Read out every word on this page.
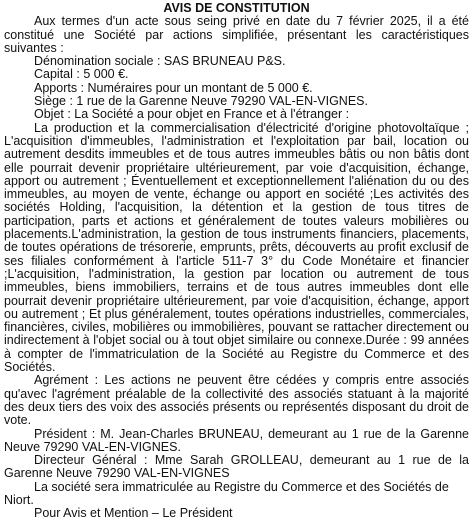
AVIS DE CONSTITUTION

Aux termes d'un acte sous seing privé en date du 7 février 2025, il a été constitué une Société par actions simplifiée, présentant les caractéristiques suivantes :

Dénomination sociale : SAS BRUNEAU P&S.

Capital : 5 000 €.

Apports : Numéraires pour un montant de 5 000 €.

Siège : 1 rue de la Garenne Neuve 79290 VAL-EN-VIGNES.

Objet : La Société a pour objet en France et à l'étranger :

La production et la commercialisation d'électricité d'origine photovoltaïque ; L'acquisition d'immeubles, l'administration et l'exploitation par bail, location ou autrement desdits immeubles et de tous autres immeubles bâtis ou non bâtis dont elle pourrait devenir propriétaire ultérieurement, par voie d'acquisition, échange, apport ou autrement ; Éventuellement et exceptionnellement l'aliénation du ou des immeubles, au moyen de vente, échange ou apport en société ;Les activités des sociétés Holding, l'acquisition, la détention et la gestion de tous titres de participation, parts et actions et généralement de toutes valeurs mobilières ou placements.L'administration, la gestion de tous instruments financiers, placements, de toutes opérations de trésorerie, emprunts, prêts, découverts au profit exclusif de ses filiales conformément à l'article 511-7 3° du Code Monétaire et financier ;L'acquisition, l'administration, la gestion par location ou autrement de tous immeubles, biens immobiliers, terrains et de tous autres immeubles dont elle pourrait devenir propriétaire ultérieurement, par voie d'acquisition, échange, apport ou autrement ; Et plus généralement, toutes opérations industrielles, commerciales, financières, civiles, mobilières ou immobilières, pouvant se rattacher directement ou indirectement à l'objet social ou à tout objet similaire ou connexe.Durée : 99 années à compter de l'immatriculation de la Société au Registre du Commerce et des Sociétés.

Agrément : Les actions ne peuvent être cédées y compris entre associés qu'avec l'agrément préalable de la collectivité des associés statuant à la majorité des deux tiers des voix des associés présents ou représentés disposant du droit de vote.

Président : M. Jean-Charles BRUNEAU, demeurant au 1 rue de la Garenne Neuve 79290 VAL-EN-VIGNES.

Directeur Général : Mme Sarah GROLLEAU, demeurant au 1 rue de la Garenne Neuve 79290 VAL-EN-VIGNES

La société sera immatriculée au Registre du Commerce et des Sociétés de Niort.

Pour Avis et Mention – Le Président
